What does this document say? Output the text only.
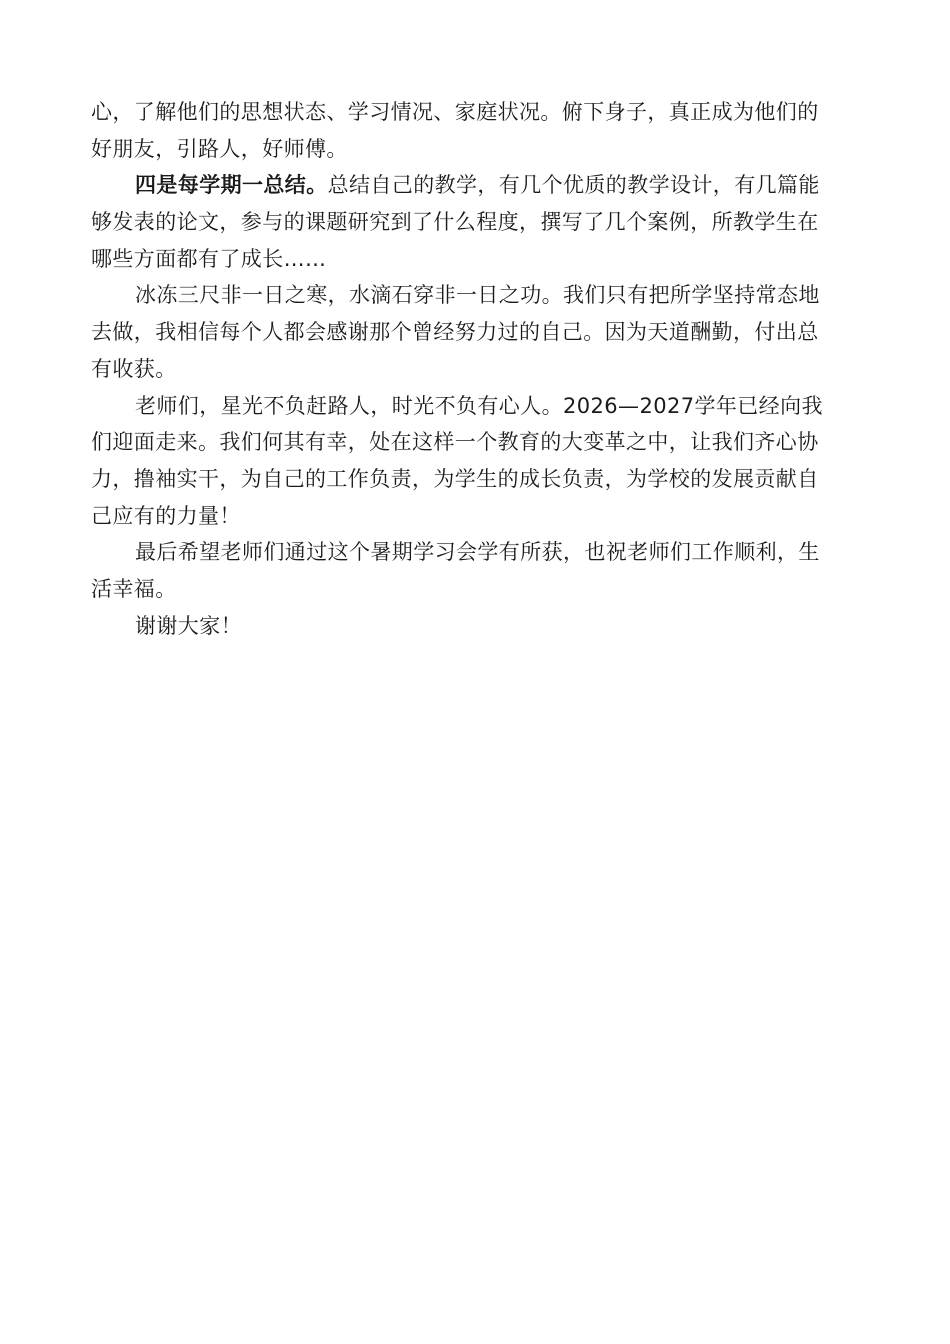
心，了解他们的思想状态、学习情况、家庭状况。俯下身子，真正成为他们的
好朋友，引路人，好师傅。
四是每学期一总结。总结自己的教学，有几个优质的教学设计，有几篇能
够发表的论文，参与的课题研究到了什么程度，撰写了几个案例，所教学生在
哪些方面都有了成长……
冰冻三尺非一日之寒，水滴石穿非一日之功。我们只有把所学坚持常态地
去做，我相信每个人都会感谢那个曾经努力过的自己。因为天道酬勤，付出总
有收获。
老师们，星光不负赶路人，时光不负有心人。2026—2027学年已经向我
们迎面走来。我们何其有幸，处在这样一个教育的大变革之中，让我们齐心协
力，撸袖实干，为自己的工作负责，为学生的成长负责，为学校的发展贡献自
己应有的力量！
最后希望老师们通过这个暑期学习会学有所获，也祝老师们工作顺利，生
活幸福。
谢谢大家！
